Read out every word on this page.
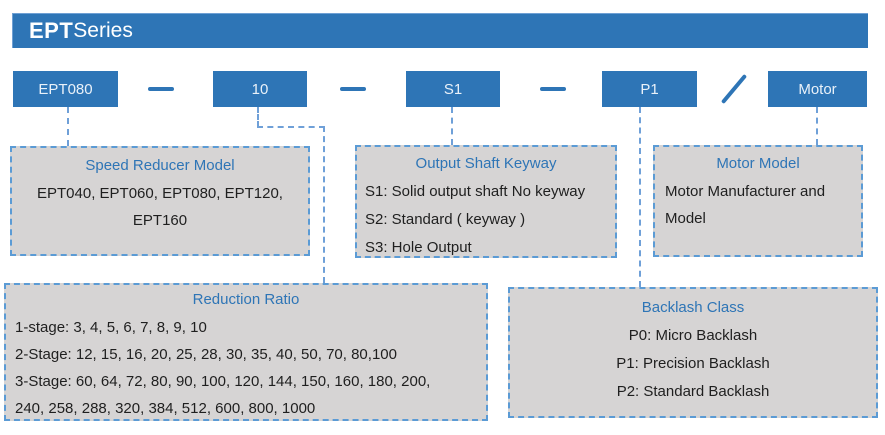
EPT Series
EPT080	10	S1	P1	Motor
Speed Reducer Model
EPT040, EPT060, EPT080, EPT120,
EPT160
Output Shaft Keyway
S1: Solid output shaft No keyway
S2: Standard ( keyway )
S3: Hole Output
Motor Model
Motor Manufacturer and
Model
Reduction Ratio
1-stage: 3, 4, 5, 6, 7, 8, 9, 10
2-Stage: 12, 15, 16, 20, 25, 28, 30, 35, 40, 50, 70, 80,100
3-Stage: 60, 64, 72, 80, 90, 100, 120, 144, 150, 160, 180, 200,
240, 258, 288, 320, 384, 512, 600, 800, 1000
Backlash Class
P0: Micro Backlash
P1: Precision Backlash
P2: Standard Backlash
